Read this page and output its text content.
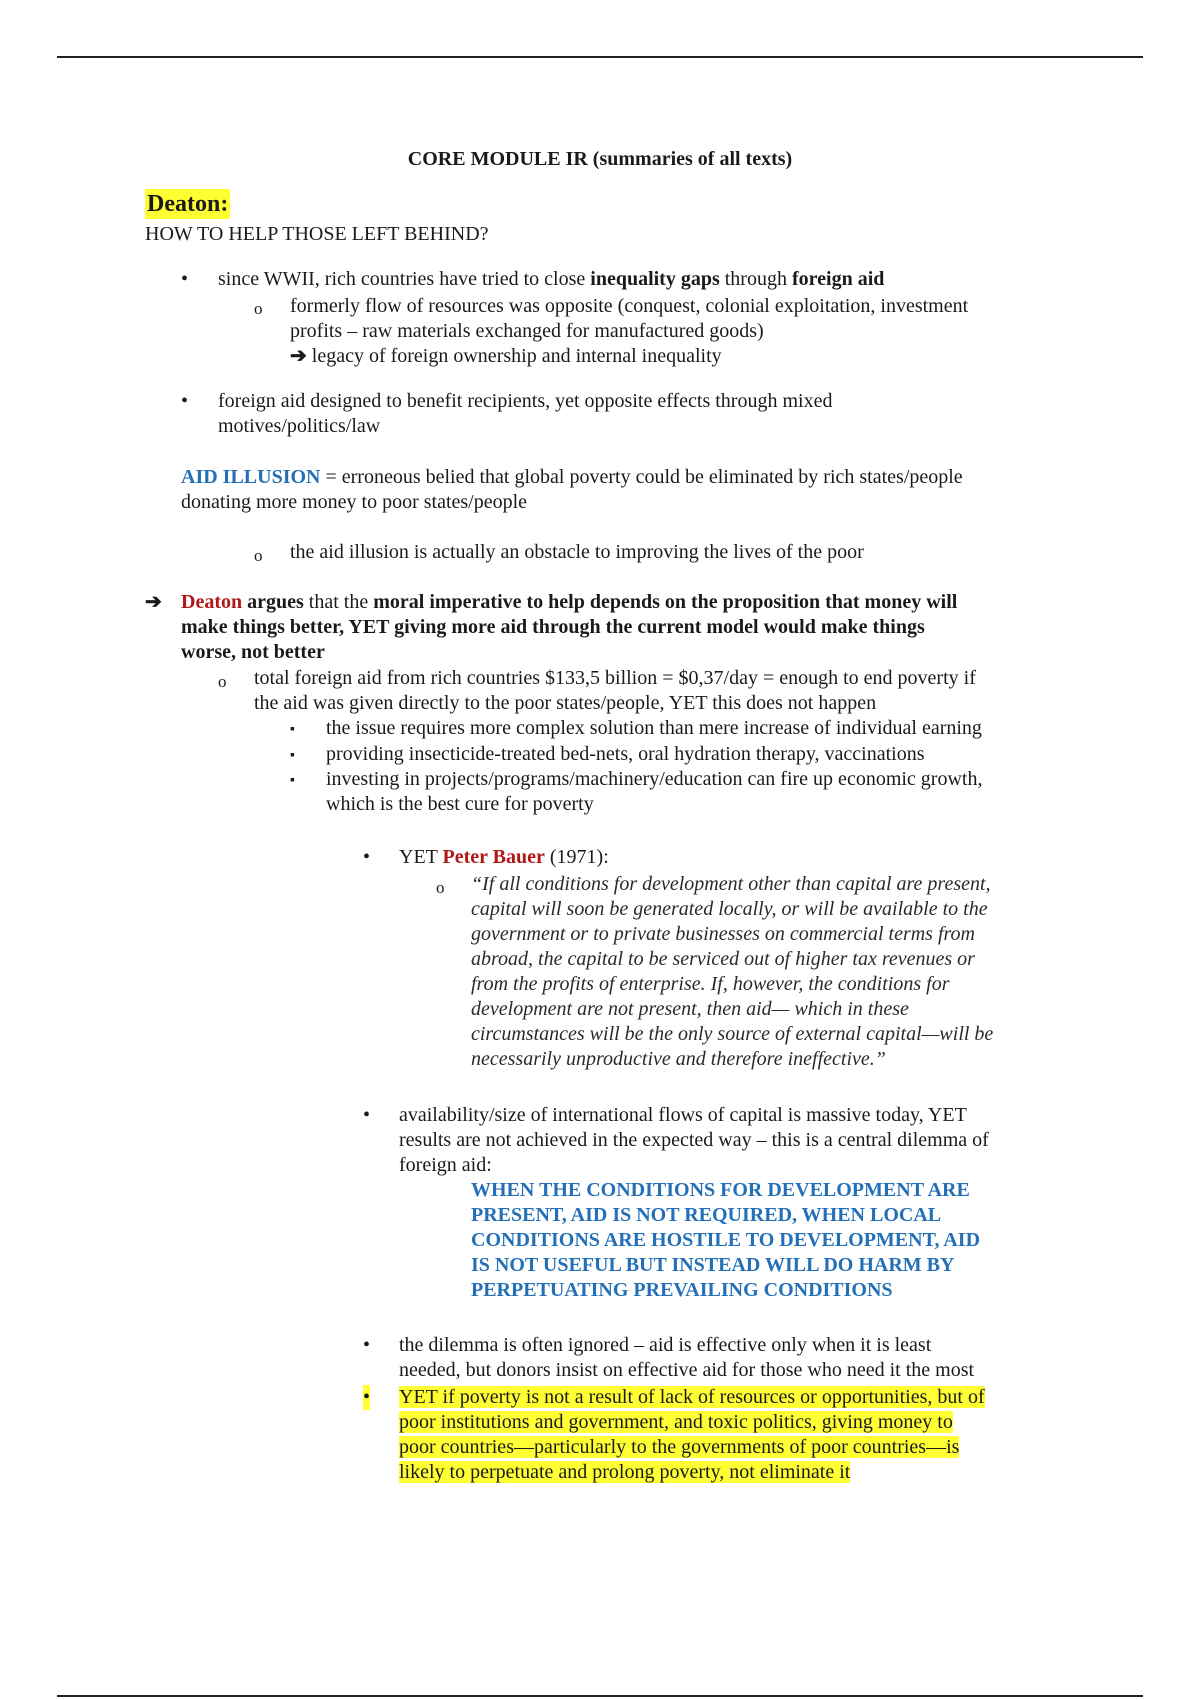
CORE MODULE IR (summaries of all texts)
Deaton:
HOW TO HELP THOSE LEFT BEHIND?
• since WWII, rich countries have tried to close inequality gaps through foreign aid
o formerly flow of resources was opposite (conquest, colonial exploitation, investment
profits – raw materials exchanged for manufactured goods)
➔ legacy of foreign ownership and internal inequality
• foreign aid designed to benefit recipients, yet opposite effects through mixed
motives/politics/law
AID ILLUSION = erroneous belied that global poverty could be eliminated by rich states/people
donating more money to poor states/people
o the aid illusion is actually an obstacle to improving the lives of the poor
➔ Deaton argues that the moral imperative to help depends on the proposition that money will
make things better, YET giving more aid through the current model would make things
worse, not better
o total foreign aid from rich countries $133,5 billion = $0,37/day = enough to end poverty if
the aid was given directly to the poor states/people, YET this does not happen
▪ the issue requires more complex solution than mere increase of individual earning
▪ providing insecticide-treated bed-nets, oral hydration therapy, vaccinations
▪ investing in projects/programs/machinery/education can fire up economic growth,
which is the best cure for poverty
• YET Peter Bauer (1971):
o “If all conditions for development other than capital are present,
capital will soon be generated locally, or will be available to the
government or to private businesses on commercial terms from
abroad, the capital to be serviced out of higher tax revenues or
from the profits of enterprise. If, however, the conditions for
development are not present, then aid— which in these
circumstances will be the only source of external capital—will be
necessarily unproductive and therefore ineffective.”
• availability/size of international flows of capital is massive today, YET
results are not achieved in the expected way – this is a central dilemma of
foreign aid:
WHEN THE CONDITIONS FOR DEVELOPMENT ARE
PRESENT, AID IS NOT REQUIRED, WHEN LOCAL
CONDITIONS ARE HOSTILE TO DEVELOPMENT, AID
IS NOT USEFUL BUT INSTEAD WILL DO HARM BY
PERPETUATING PREVAILING CONDITIONS
• the dilemma is often ignored – aid is effective only when it is least
needed, but donors insist on effective aid for those who need it the most
• YET if poverty is not a result of lack of resources or opportunities, but of
poor institutions and government, and toxic politics, giving money to
poor countries—particularly to the governments of poor countries—is
likely to perpetuate and prolong poverty, not eliminate it
